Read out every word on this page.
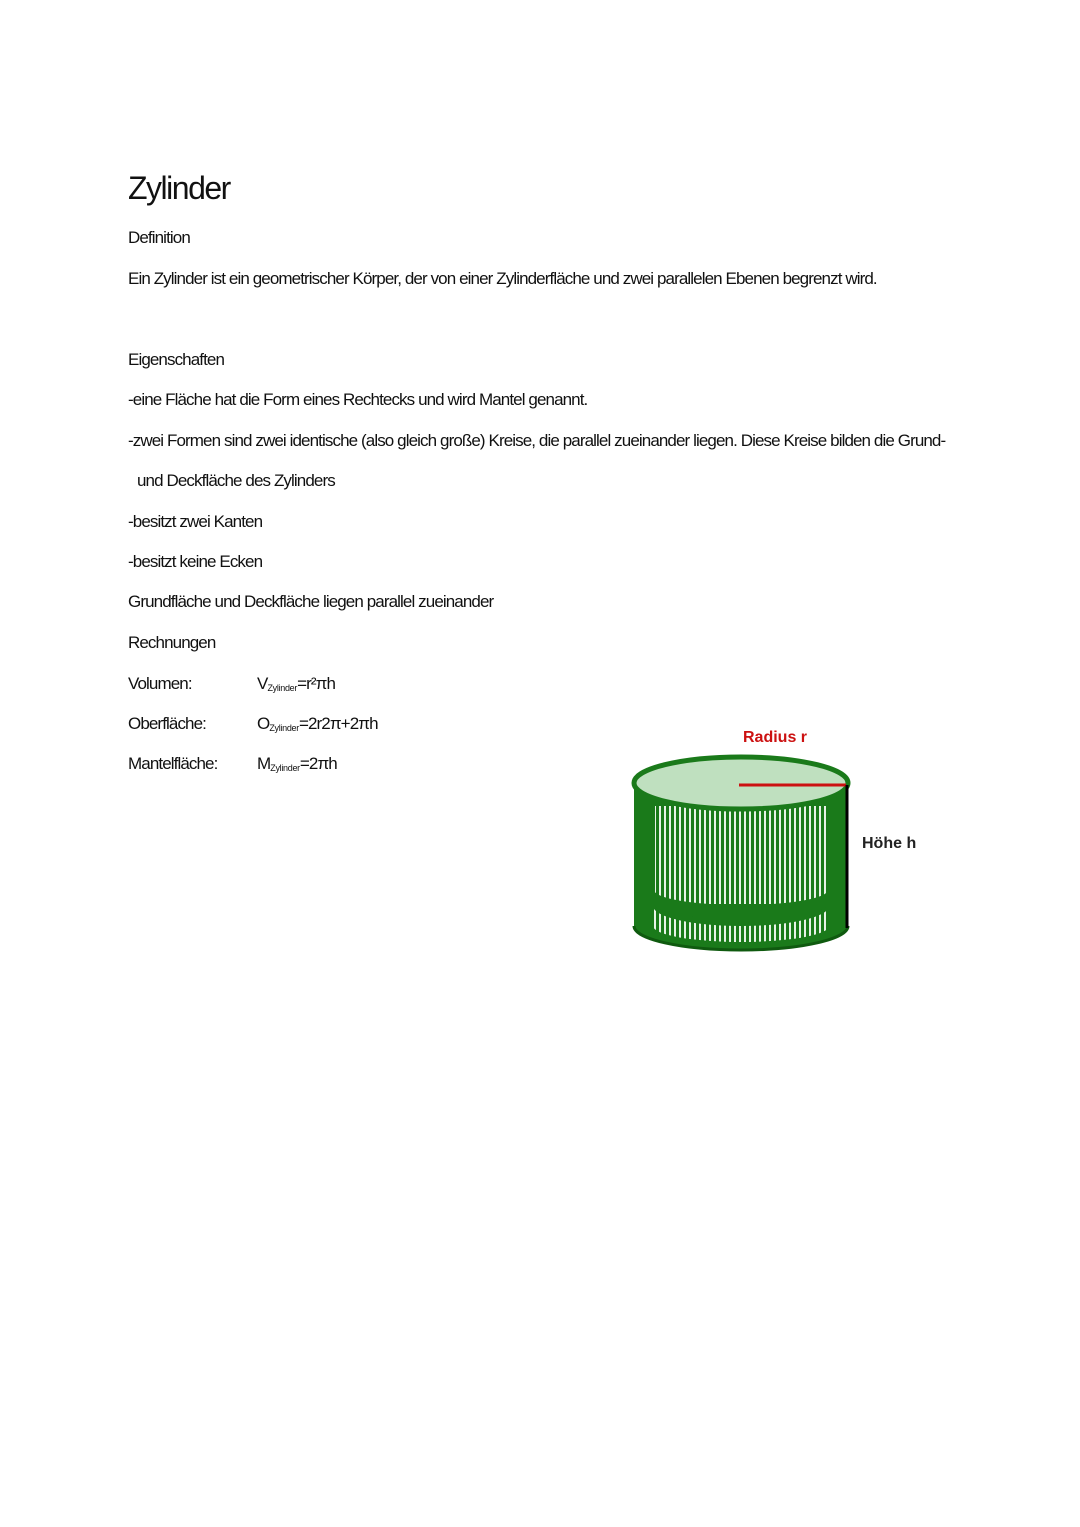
Zylinder
Definition
Ein Zylinder ist ein geometrischer Körper, der von einer Zylinderfläche und zwei parallelen Ebenen begrenzt wird.
Eigenschaften
-eine Fläche hat die Form eines Rechtecks und wird Mantel genannt.
-zwei Formen sind zwei identische (also gleich große) Kreise, die parallel zueinander liegen. Diese Kreise bilden die Grund-
und Deckfläche des Zylinders
-besitzt zwei Kanten
-besitzt keine Ecken
Grundfläche und Deckfläche liegen parallel zueinander
Rechnungen
Volumen:	$V_{Zylinder}=r^2\pi h$
Oberfläche:	$O_{Zylinder}=2r2\pi+2\pi h$
Mantelfläche: $M_{Zylinder}=2\pi h$
Radius r
Höhe h
